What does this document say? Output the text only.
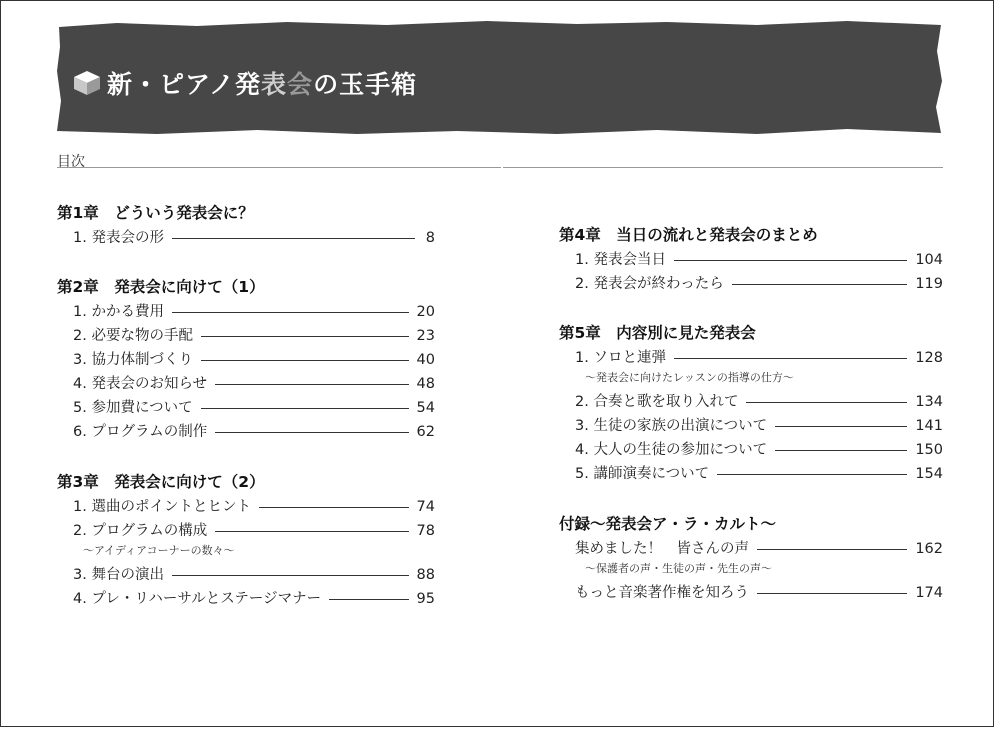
新・ピアノ発表会の玉手箱
目次
第1章　どういう発表会に？
1. 発表会の形	8
第2章　発表会に向けて（1）
1. かかる費用	20
2. 必要な物の手配	23
3. 協力体制づくり	40
4. 発表会のお知らせ	48
5. 参加費について	54
6. プログラムの制作	62
第3章　発表会に向けて（2）
1. 選曲のポイントとヒント	74
2. プログラムの構成	78
〜アイディアコーナーの数々〜
3. 舞台の演出	88
4. プレ・リハーサルとステージマナー	95
第4章　当日の流れと発表会のまとめ
1. 発表会当日	104
2. 発表会が終わったら	119
第5章　内容別に見た発表会
1. ソロと連弾	128
〜発表会に向けたレッスンの指導の仕方〜
2. 合奏と歌を取り入れて	134
3. 生徒の家族の出演について	141
4. 大人の生徒の参加について	150
5. 講師演奏について	154
付録〜発表会ア・ラ・カルト〜
集めました！　皆さんの声	162
〜保護者の声・生徒の声・先生の声〜
もっと音楽著作権を知ろう	174
